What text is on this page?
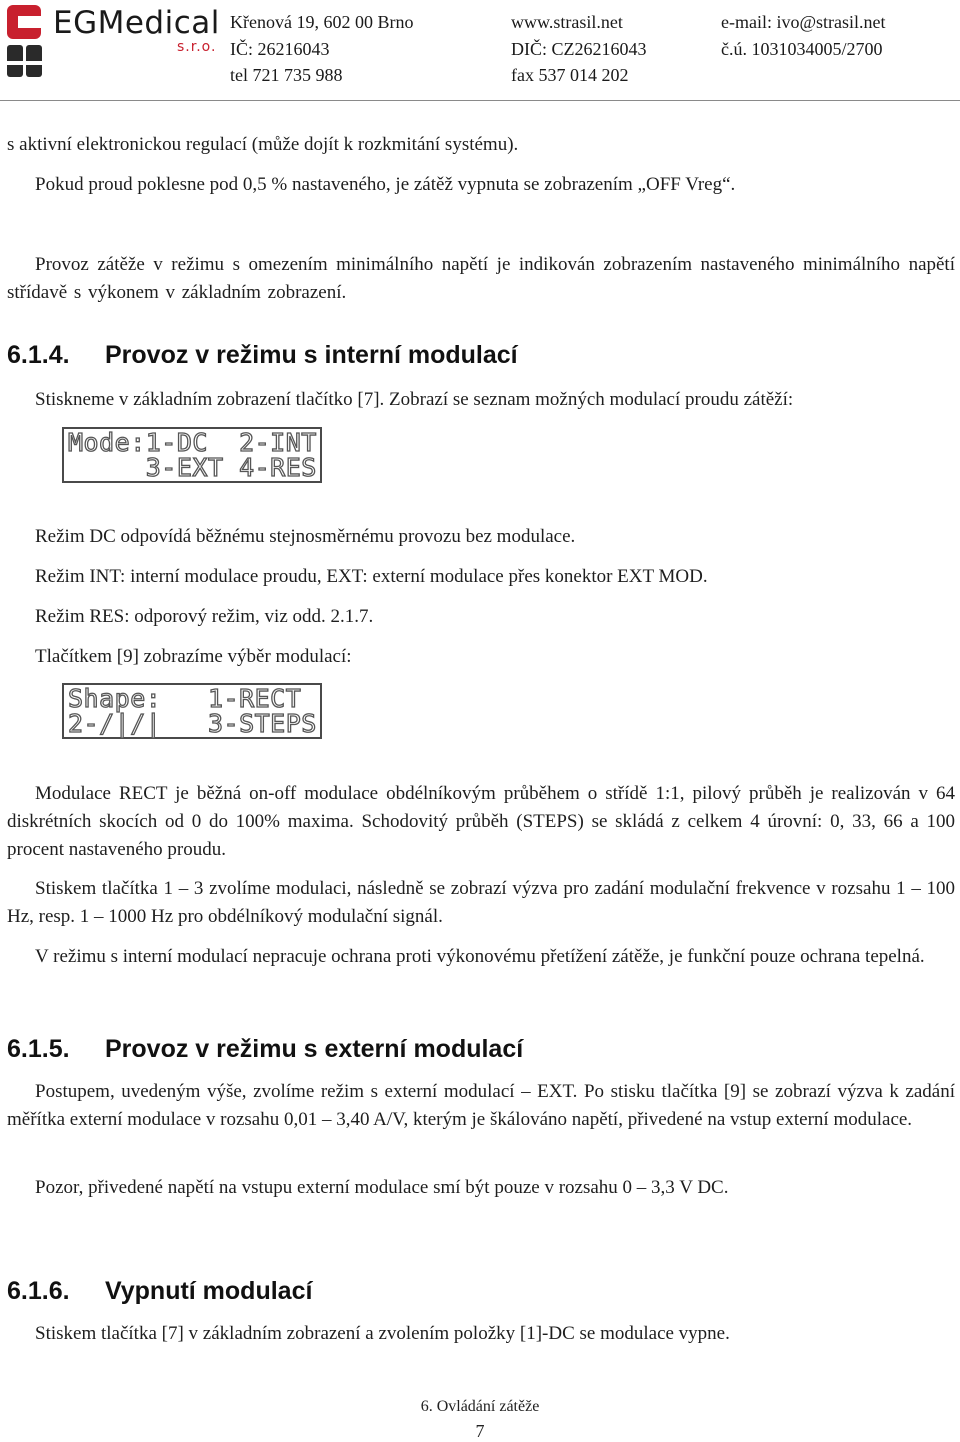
EGMedical
s.r.o.
Křenová 19, 602 00 Brno
IČ: 26216043
tel 721 735 988
www.strasil.net
DIČ: CZ26216043
fax 537 014 202
e-mail: ivo@strasil.net
č.ú. 1031034005/2700
s aktivní elektronickou regulací (může dojít k rozkmitání systému).
Pokud proud poklesne pod 0,5 % nastaveného, je zátěž vypnuta se zobrazením „OFF Vreg“.
Provoz zátěže v režimu s omezením minimálního napětí je indikován zobrazením nastaveného minimálního napětí střídavě s výkonem v základním zobrazení.
6.1.4. Provoz v režimu s interní modulací
Stiskneme v základním zobrazení tlačítko [7]. Zobrazí se seznam možných modulací proudu zátěží:
Mode:1-DC  2-INT
3-EXT 4-RES
Režim DC odpovídá běžnému stejnosměrnému provozu bez modulace.
Režim INT: interní modulace proudu, EXT: externí modulace přes konektor EXT MOD.
Režim RES: odporový režim, viz odd. 2.1.7.
Tlačítkem [9] zobrazíme výběr modulací:
Shape:   1-RECT
2-/|/|   3-STEPS
Modulace RECT je běžná on-off modulace obdélníkovým průběhem o střídě 1:1, pilový průběh je realizován v 64 diskrétních skocích od 0 do 100% maxima. Schodovitý průběh (STEPS) se skládá z celkem 4 úrovní: 0, 33, 66 a 100 procent nastaveného proudu.
Stiskem tlačítka 1 – 3 zvolíme modulaci, následně se zobrazí výzva pro zadání modulační frekvence v rozsahu 1 – 100 Hz, resp. 1 – 1000 Hz pro obdélníkový modulační signál.
V režimu s interní modulací nepracuje ochrana proti výkonovému přetížení zátěže, je funkční pouze ochrana tepelná.
6.1.5. Provoz v režimu s externí modulací
Postupem, uvedeným výše, zvolíme režim s externí modulací – EXT. Po stisku tlačítka [9] se zobrazí výzva k zadání měřítka externí modulace v rozsahu 0,01 – 3,40 A/V, kterým je škálováno napětí, přivedené na vstup externí modulace.
Pozor, přivedené napětí na vstupu externí modulace smí být pouze v rozsahu 0 – 3,3 V DC.
6.1.6. Vypnutí modulací
Stiskem tlačítka [7] v základním zobrazení a zvolením položky [1]-DC se modulace vypne.
6. Ovládání zátěže
7
